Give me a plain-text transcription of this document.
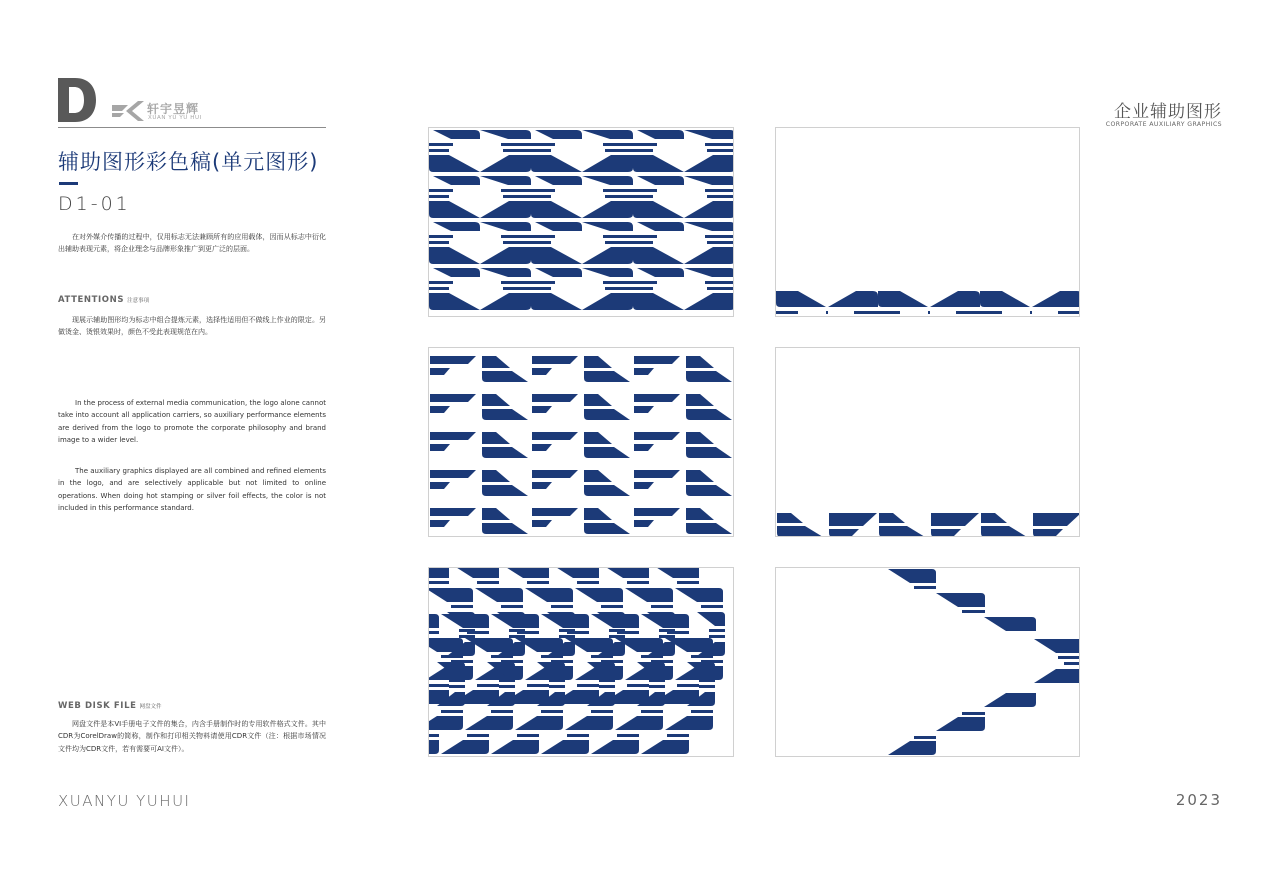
轩宇昱辉
XUAN YU YU HUI
辅助图形彩色稿(单元图形)
D1-01
在对外媒介传播的过程中，仅用标志无法兼顾所有的应用载体，因而从标志中衍化出辅助表现元素，将企业理念与品牌形象推广到更广泛的层面。
ATTENTIONS 注意事项
现展示辅助图形均为标志中组合提炼元素，选择性适用但不做线上作业的限定。另做烫金、烫银效果时，颜色不受此表现规范在内。
In the process of external media communication, the logo alone cannot take into account all application carriers, so auxiliary performance elements are derived from the logo to promote the corporate philosophy and brand image to a wider level.
The auxiliary graphics displayed are all combined and refined elements in the logo, and are selectively applicable but not limited to online operations. When doing hot stamping or silver foil effects, the color is not included in this performance standard.
WEB DISK FILE 网盘文件
网盘文件是本VI手册电子文件的集合，内含手册制作时的专用软件格式文件。其中CDR为CorelDraw的简称，制作和打印相关物料请使用CDR文件（注：根据市场情况文件均为CDR文件，若有需要可AI文件）。
企业辅助图形
CORPORATE AUXILIARY GRAPHICS
XUANYU YUHUI	2023
